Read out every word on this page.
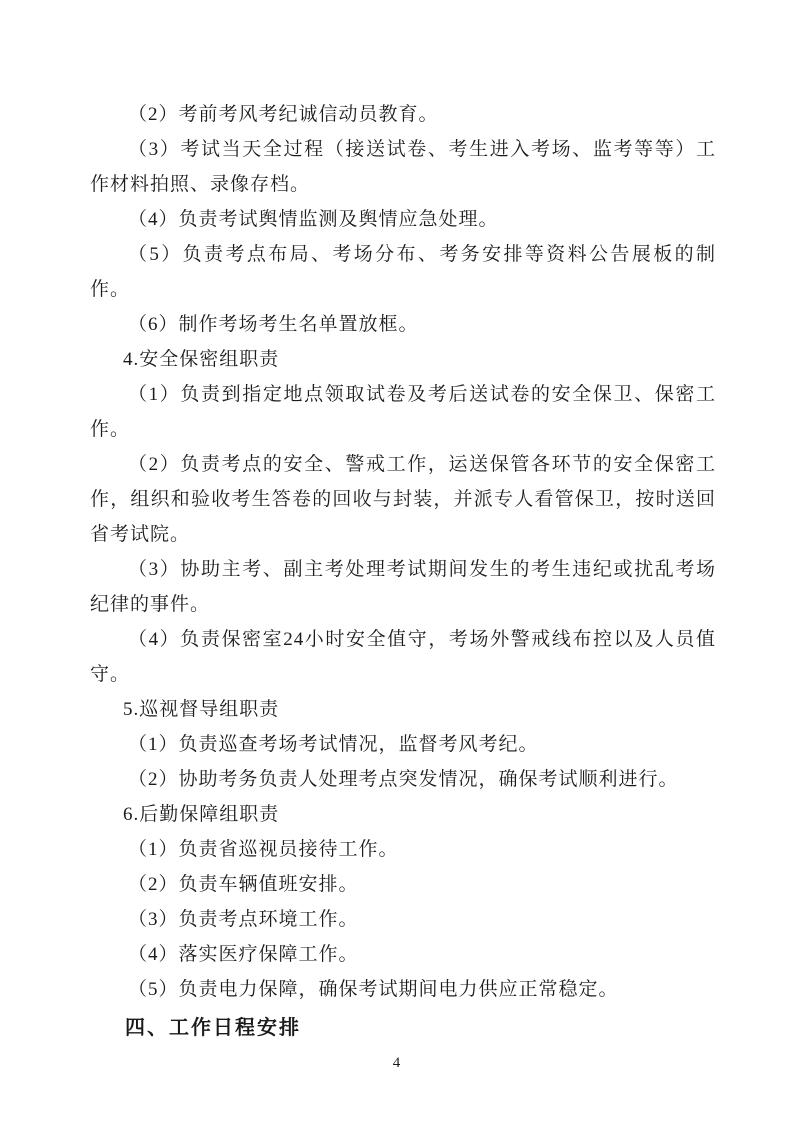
（2）考前考风考纪诚信动员教育。

（3）考试当天全过程（接送试卷、考生进入考场、监考等等）工作材料拍照、录像存档。

（4）负责考试舆情监测及舆情应急处理。

（5）负责考点布局、考场分布、考务安排等资料公告展板的制作。

（6）制作考场考生名单置放框。

4.安全保密组职责

（1）负责到指定地点领取试卷及考后送试卷的安全保卫、保密工作。

（2）负责考点的安全、警戒工作，运送保管各环节的安全保密工作，组织和验收考生答卷的回收与封装，并派专人看管保卫，按时送回省考试院。

（3）协助主考、副主考处理考试期间发生的考生违纪或扰乱考场纪律的事件。

（4）负责保密室24小时安全值守，考场外警戒线布控以及人员值守。

5.巡视督导组职责

（1）负责巡查考场考试情况，监督考风考纪。

（2）协助考务负责人处理考点突发情况，确保考试顺利进行。

6.后勤保障组职责

（1）负责省巡视员接待工作。

（2）负责车辆值班安排。

（3）负责考点环境工作。

（4）落实医疗保障工作。

（5）负责电力保障，确保考试期间电力供应正常稳定。

四、工作日程安排

4
